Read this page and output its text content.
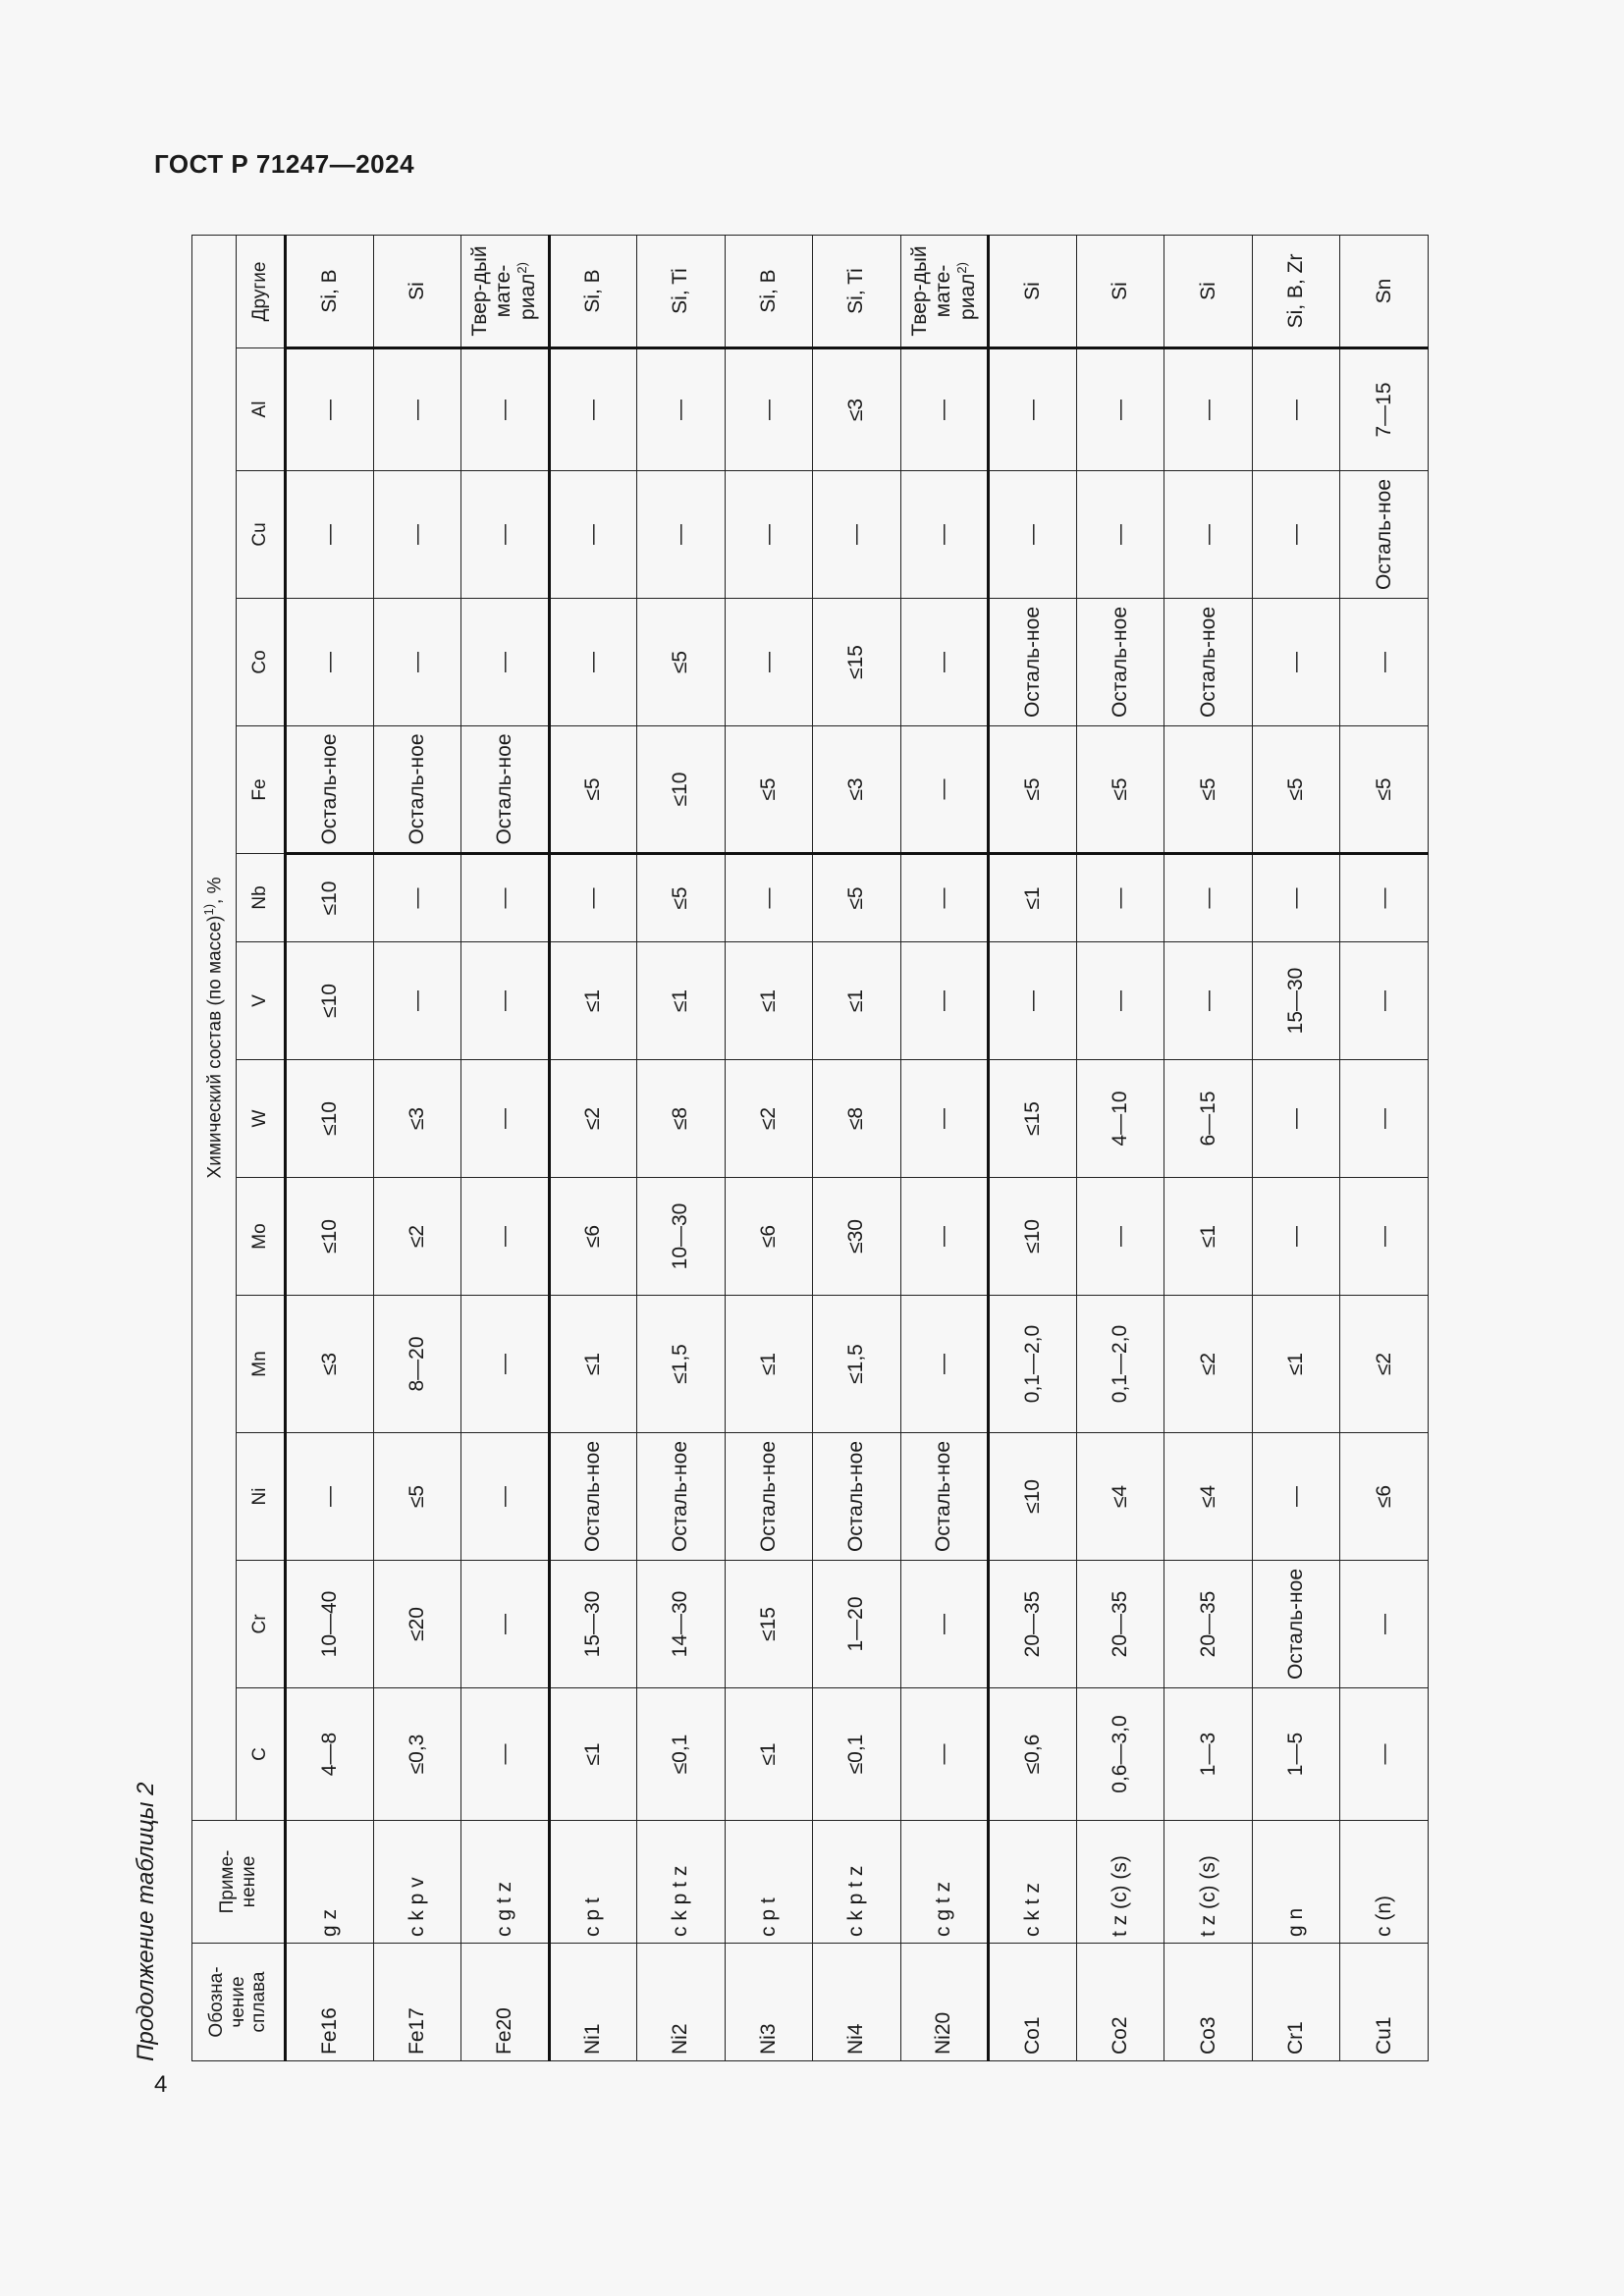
ГОСТ Р 71247—2024
Продолжение таблицы 2	Обозна-чение сплава	Приме-нение	Химический состав (по массе)$^{1)}$, %												
		C	Cr	Ni	Mn	Mo	W	V	Nb	Fe	Co	Cu	Al	Другие
Fe16	g z	4—8	10—40	—	≤3	≤10	≤10	≤10	≤10	Осталь-ное	—	—	—	Si, B
Fe17	c k p v	≤0,3	≤20	≤5	8—20	≤2	≤3	—	—	Осталь-ное	—	—	—	Si
Fe20	c g t z	—	—	—	—	—	—	—	—	Осталь-ное	—	—	—	Твер-дый мате-риал$^{2)}$
Ni1	c p t	≤1	15—30	Осталь-ное	≤1	≤6	≤2	≤1	—	≤5	—	—	—	Si, B
Ni2	c k p t z	≤0,1	14—30	Осталь-ное	≤1,5	10—30	≤8	≤1	≤5	≤10	≤5	—	—	Si, Ti
Ni3	c p t	≤1	≤15	Осталь-ное	≤1	≤6	≤2	≤1	—	≤5	—	—	—	Si, B
Ni4	c k p t z	≤0,1	1—20	Осталь-ное	≤1,5	≤30	≤8	≤1	≤5	≤3	≤15	—	≤3	Si, Ti
Ni20	c g t z	—	—	Осталь-ное	—	—	—	—	—	—	—	—	—	Твер-дый мате-риал$^{2)}$
Co1	c k t z	≤0,6	20—35	≤10	0,1—2,0	≤10	≤15	—	≤1	≤5	Осталь-ное	—	—	Si
Co2	t z (c) (s)	0,6—3,0	20—35	≤4	0,1—2,0	—	4—10	—	—	≤5	Осталь-ное	—	—	Si
Co3	t z (c) (s)	1—3	20—35	≤4	≤2	≤1	6—15	—	—	≤5	Осталь-ное	—	—	Si
Cr1	g n	1—5	Осталь-ное	—	≤1	—	—	15—30	—	≤5	—	—	—	Si, B, Zr
Cu1	c (n)	—	—	≤6	≤2	—	—	—	—	≤5	—	Осталь-ное	7—15	Sn
4
